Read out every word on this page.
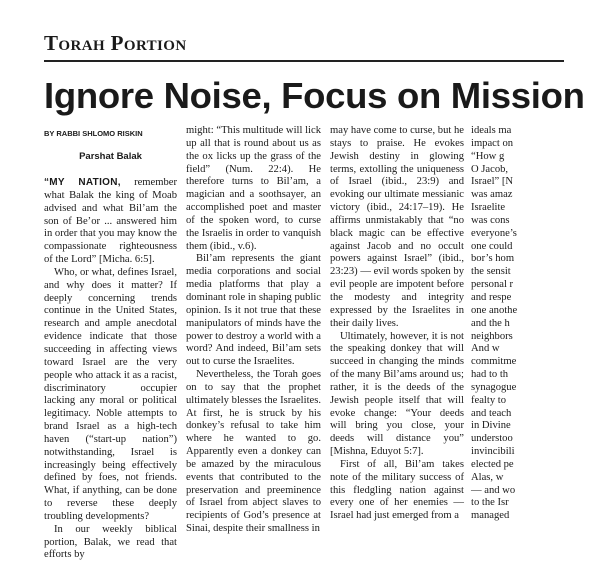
Torah Portion
Ignore Noise, Focus on Mission
BY RABBI SHLOMO RISKIN
Parshat Balak

“MY NATION, remember what Balak the king of Moab advised and what Bil’am the son of Be’or ... answered him in order that you may know the compassionate righteousness of the Lord” [Micha. 6:5].

Who, or what, defines Israel, and why does it matter? If deeply concerning trends continue in the United States, research and ample anecdotal evidence indicate that those succeeding in affecting views toward Israel are the very people who attack it as a racist, discriminatory occupier lacking any moral or political legitimacy. Noble attempts to brand Israel as a high-tech haven (“start-up nation”) notwithstanding, Israel is increasingly being effectively defined by foes, not friends. What, if anything, can be done to reverse these deeply troubling developments?

In our weekly biblical portion, Balak, we read that efforts by

might: “This multitude will lick up all that is round about us as the ox licks up the grass of the field” (Num. 22:4). He therefore turns to Bil’am, a magician and a soothsayer, an accomplished poet and master of the spoken word, to curse the Israelis in order to vanquish them (ibid., v.6).

Bil’am represents the giant media corporations and social media platforms that play a dominant role in shaping public opinion. Is it not true that these manipulators of minds have the power to destroy a world with a word? And indeed, Bil’am sets out to curse the Israelites.

Nevertheless, the Torah goes on to say that the prophet ultimately blesses the Israelites. At first, he is struck by his donkey’s refusal to take him where he wanted to go. Apparently even a donkey can be amazed by the miraculous events that contributed to the preservation and preeminence of Israel from abject slaves to recipients of God’s presence at Sinai, despite their smallness in

may have come to curse, but he stays to praise. He evokes Jewish destiny in glowing terms, extolling the uniqueness of Israel (ibid., 23:9) and evoking our ultimate messianic victory (ibid., 24:17–19). He affirms unmistakably that “no black magic can be effective against Jacob and no occult powers against Israel” (ibid., 23:23) — evil words spoken by evil people are impotent before the modesty and integrity expressed by the Israelites in their daily lives.

Ultimately, however, it is not the speaking donkey that will succeed in changing the minds of the many Bil’ams around us; rather, it is the deeds of the Jewish people itself that will evoke change: “Your deeds will bring you close, your deeds will distance you” [Mishna, Eduyot 5:7].

First of all, Bil’am takes note of the military success of this fledgling nation against every one of her enemies — Israel had just emerged from a

ideals ma
impact on
“How g
O Jacob,
Israel” [N
was amaz
Israelite
was cons
everyone’s
one could
bor’s hom
the sensit
personal r
and respe
one anothe
and the h
neighbors
And w
commitme
had to th
synagogue
fealty to
and teach
in Divine
understoo
invincibili
elected pe
Alas, w
— and wo
to the Isr
managed
